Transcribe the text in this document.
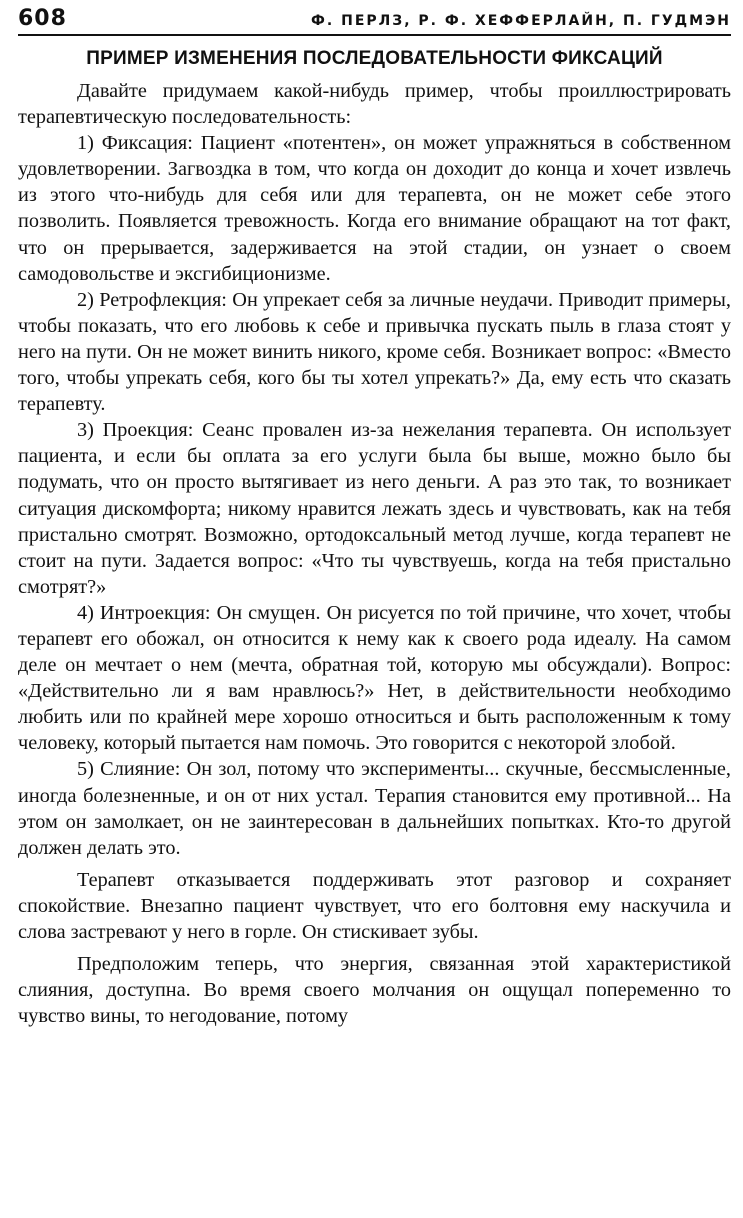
608	Ф. ПЕРЛЗ, Р. Ф. ХЕФФЕРЛАЙН, П. ГУДМЭН
ПРИМЕР ИЗМЕНЕНИЯ ПОСЛЕДОВАТЕЛЬНОСТИ ФИКСАЦИЙ

Давайте придумаем какой-нибудь пример, чтобы проиллюстрировать терапевтическую последовательность:

1) Фиксация: Пациент «потентен», он может упражняться в собственном удовлетворении. Загвоздка в том, что когда он доходит до конца и хочет извлечь из этого что-нибудь для себя или для терапевта, он не может себе этого позволить. Появляется тревожность. Когда его внимание обращают на тот факт, что он прерывается, задерживается на этой стадии, он узнает о своем самодовольстве и эксгибиционизме.

2) Ретрофлекция: Он упрекает себя за личные неудачи. Приводит примеры, чтобы показать, что его любовь к себе и привычка пускать пыль в глаза стоят у него на пути. Он не может винить никого, кроме себя. Возникает вопрос: «Вместо того, чтобы упрекать себя, кого бы ты хотел упрекать?» Да, ему есть что сказать терапевту.

3) Проекция: Сеанс провален из-за нежелания терапевта. Он использует пациента, и если бы оплата за его услуги была бы выше, можно было бы подумать, что он просто вытягивает из него деньги. А раз это так, то возникает ситуация дискомфорта; никому нравится лежать здесь и чувствовать, как на тебя пристально смотрят. Возможно, ортодоксальный метод лучше, когда терапевт не стоит на пути. Задается вопрос: «Что ты чувствуешь, когда на тебя пристально смотрят?»

4) Интроекция: Он смущен. Он рисуется по той причине, что хочет, чтобы терапевт его обожал, он относится к нему как к своего рода идеалу. На самом деле он мечтает о нем (мечта, обратная той, которую мы обсуждали). Вопрос: «Действительно ли я вам нравлюсь?» Нет, в действительности необходимо любить или по крайней мере хорошо относиться и быть расположенным к тому человеку, который пытается нам помочь. Это говорится с некоторой злобой.

5) Слияние: Он зол, потому что эксперименты... скучные, бессмысленные, иногда болезненные, и он от них устал. Терапия становится ему противной... На этом он замолкает, он не заинтересован в дальнейших попытках. Кто-то другой должен делать это.

Терапевт отказывается поддерживать этот разговор и сохраняет спокойствие. Внезапно пациент чувствует, что его болтовня ему наскучила и слова застревают у него в горле. Он стискивает зубы.

Предположим теперь, что энергия, связанная этой характеристикой слияния, доступна. Во время своего молчания он ощущал попеременно то чувство вины, то негодование, потому
